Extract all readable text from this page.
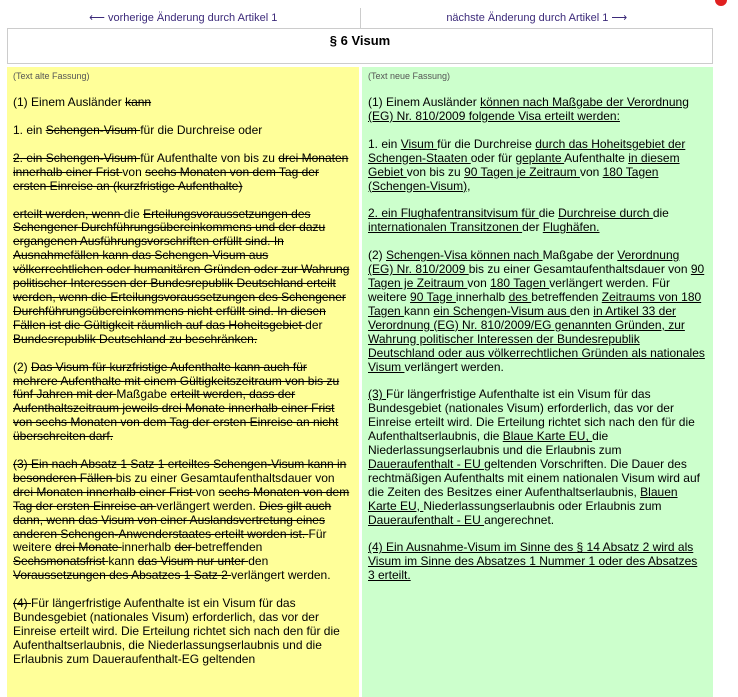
⟵ vorherige Änderung durch Artikel 1	nächste Änderung durch Artikel 1 ⟶
§ 6 Visum
(Text alte Fassung)

(1) Einem Ausländer kann

1. ein Schengen-Visum für die Durchreise oder

2. ein Schengen-Visum für Aufenthalte von bis zu drei Monaten innerhalb einer Frist von sechs Monaten von dem Tag der ersten Einreise an (kurzfristige Aufenthalte)

erteilt werden, wenn die Erteilungsvoraussetzungen des Schengener Durchführungsübereinkommens und der dazu ergangenen Ausführungsvorschriften erfüllt sind. In Ausnahmefällen kann das Schengen-Visum aus völkerrechtlichen oder humanitären Gründen oder zur Wahrung politischer Interessen der Bundesrepublik Deutschland erteilt werden, wenn die Erteilungsvoraussetzungen des Schengener Durchführungsübereinkommens nicht erfüllt sind. In diesen Fällen ist die Gültigkeit räumlich auf das Hoheitsgebiet der Bundesrepublik Deutschland zu beschränken.

(2) Das Visum für kurzfristige Aufenthalte kann auch für mehrere Aufenthalte mit einem Gültigkeitszeitraum von bis zu fünf Jahren mit der Maßgabe erteilt werden, dass der Aufenthaltszeitraum jeweils drei Monate innerhalb einer Frist von sechs Monaten von dem Tag der ersten Einreise an nicht überschreiten darf.

(3) Ein nach Absatz 1 Satz 1 erteiltes Schengen-Visum kann in besonderen Fällen bis zu einer Gesamtaufenthaltsdauer von drei Monaten innerhalb einer Frist von sechs Monaten von dem Tag der ersten Einreise an verlängert werden. Dies gilt auch dann, wenn das Visum von einer Auslandsvertretung eines anderen Schengen-Anwenderstaates erteilt worden ist. Für weitere drei Monate innerhalb der betreffenden Sechsmonatsfrist kann das Visum nur unter den Voraussetzungen des Absatzes 1 Satz 2 verlängert werden.

(4) Für längerfristige Aufenthalte ist ein Visum für das Bundesgebiet (nationales Visum) erforderlich, das vor der Einreise erteilt wird. Die Erteilung richtet sich nach den für die Aufenthaltserlaubnis, die Niederlassungserlaubnis und die Erlaubnis zum Daueraufenthalt-EG geltenden

(Text neue Fassung)

(1) Einem Ausländer können nach Maßgabe der Verordnung (EG) Nr. 810/2009 folgende Visa erteilt werden:

1. ein Visum für die Durchreise durch das Hoheitsgebiet der Schengen-Staaten oder für geplante Aufenthalte in diesem Gebiet von bis zu 90 Tagen je Zeitraum von 180 Tagen (Schengen-Visum),

2. ein Flughafentransitvisum für die Durchreise durch die internationalen Transitzonen der Flughäfen.

(2) Schengen-Visa können nach Maßgabe der Verordnung (EG) Nr. 810/2009 bis zu einer Gesamtaufenthaltsdauer von 90 Tagen je Zeitraum von 180 Tagen verlängert werden. Für weitere 90 Tage innerhalb des betreffenden Zeitraums von 180 Tagen kann ein Schengen-Visum aus den in Artikel 33 der Verordnung (EG) Nr. 810/2009/EG genannten Gründen, zur Wahrung politischer Interessen der Bundesrepublik Deutschland oder aus völkerrechtlichen Gründen als nationales Visum verlängert werden.

(3) Für längerfristige Aufenthalte ist ein Visum für das Bundesgebiet (nationales Visum) erforderlich, das vor der Einreise erteilt wird. Die Erteilung richtet sich nach den für die Aufenthaltserlaubnis, die Blaue Karte EU, die Niederlassungserlaubnis und die Erlaubnis zum Daueraufenthalt - EU geltenden Vorschriften. Die Dauer des rechtmäßigen Aufenthalts mit einem nationalen Visum wird auf die Zeiten des Besitzes einer Aufenthaltserlaubnis, Blauen Karte EU, Niederlassungserlaubnis oder Erlaubnis zum Daueraufenthalt - EU angerechnet.

(4) Ein Ausnahme-Visum im Sinne des § 14 Absatz 2 wird als Visum im Sinne des Absatzes 1 Nummer 1 oder des Absatzes 3 erteilt.
